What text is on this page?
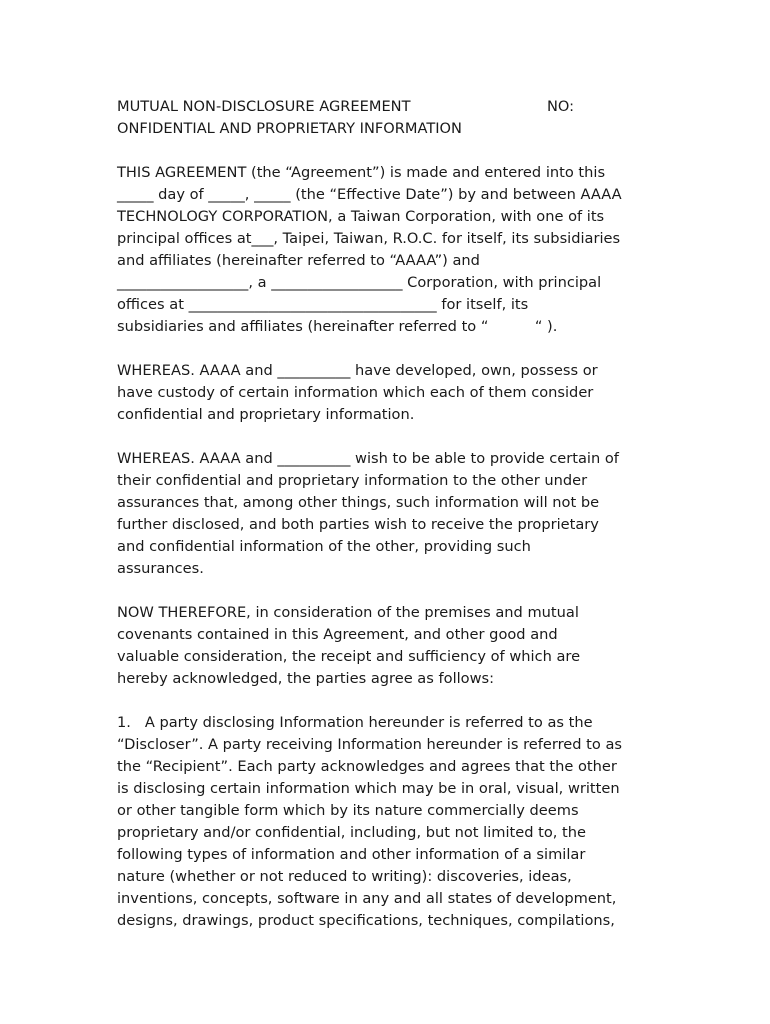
MUTUAL NON-DISCLOSURE AGREEMENT	NO:
ONFIDENTIAL AND PROPRIETARY INFORMATION
THIS AGREEMENT (the “Agreement”) is made and entered into this
_____ day of _____, _____ (the “Effective Date”) by and between AAAA
TECHNOLOGY CORPORATION, a Taiwan Corporation, with one of its
principal offices at___, Taipei, Taiwan, R.O.C. for itself, its subsidiaries
and affiliates (hereinafter referred to “AAAA”) and
__________________, a __________________ Corporation, with principal
offices at __________________________________ for itself, its
subsidiaries and affiliates (hereinafter referred to “          “ ).
WHEREAS. AAAA and __________ have developed, own, possess or
have custody of certain information which each of them consider
confidential and proprietary information.
WHEREAS. AAAA and __________ wish to be able to provide certain of
their confidential and proprietary information to the other under
assurances that, among other things, such information will not be
further disclosed, and both parties wish to receive the proprietary
and confidential information of the other, providing such
assurances.
NOW THEREFORE, in consideration of the premises and mutual
covenants contained in this Agreement, and other good and
valuable consideration, the receipt and sufficiency of which are
hereby acknowledged, the parties agree as follows:
1.   A party disclosing Information hereunder is referred to as the
“Discloser”. A party receiving Information hereunder is referred to as
the “Recipient”. Each party acknowledges and agrees that the other
is disclosing certain information which may be in oral, visual, written
or other tangible form which by its nature commercially deems
proprietary and/or confidential, including, but not limited to, the
following types of information and other information of a similar
nature (whether or not reduced to writing): discoveries, ideas,
inventions, concepts, software in any and all states of development,
designs, drawings, product specifications, techniques, compilations,
